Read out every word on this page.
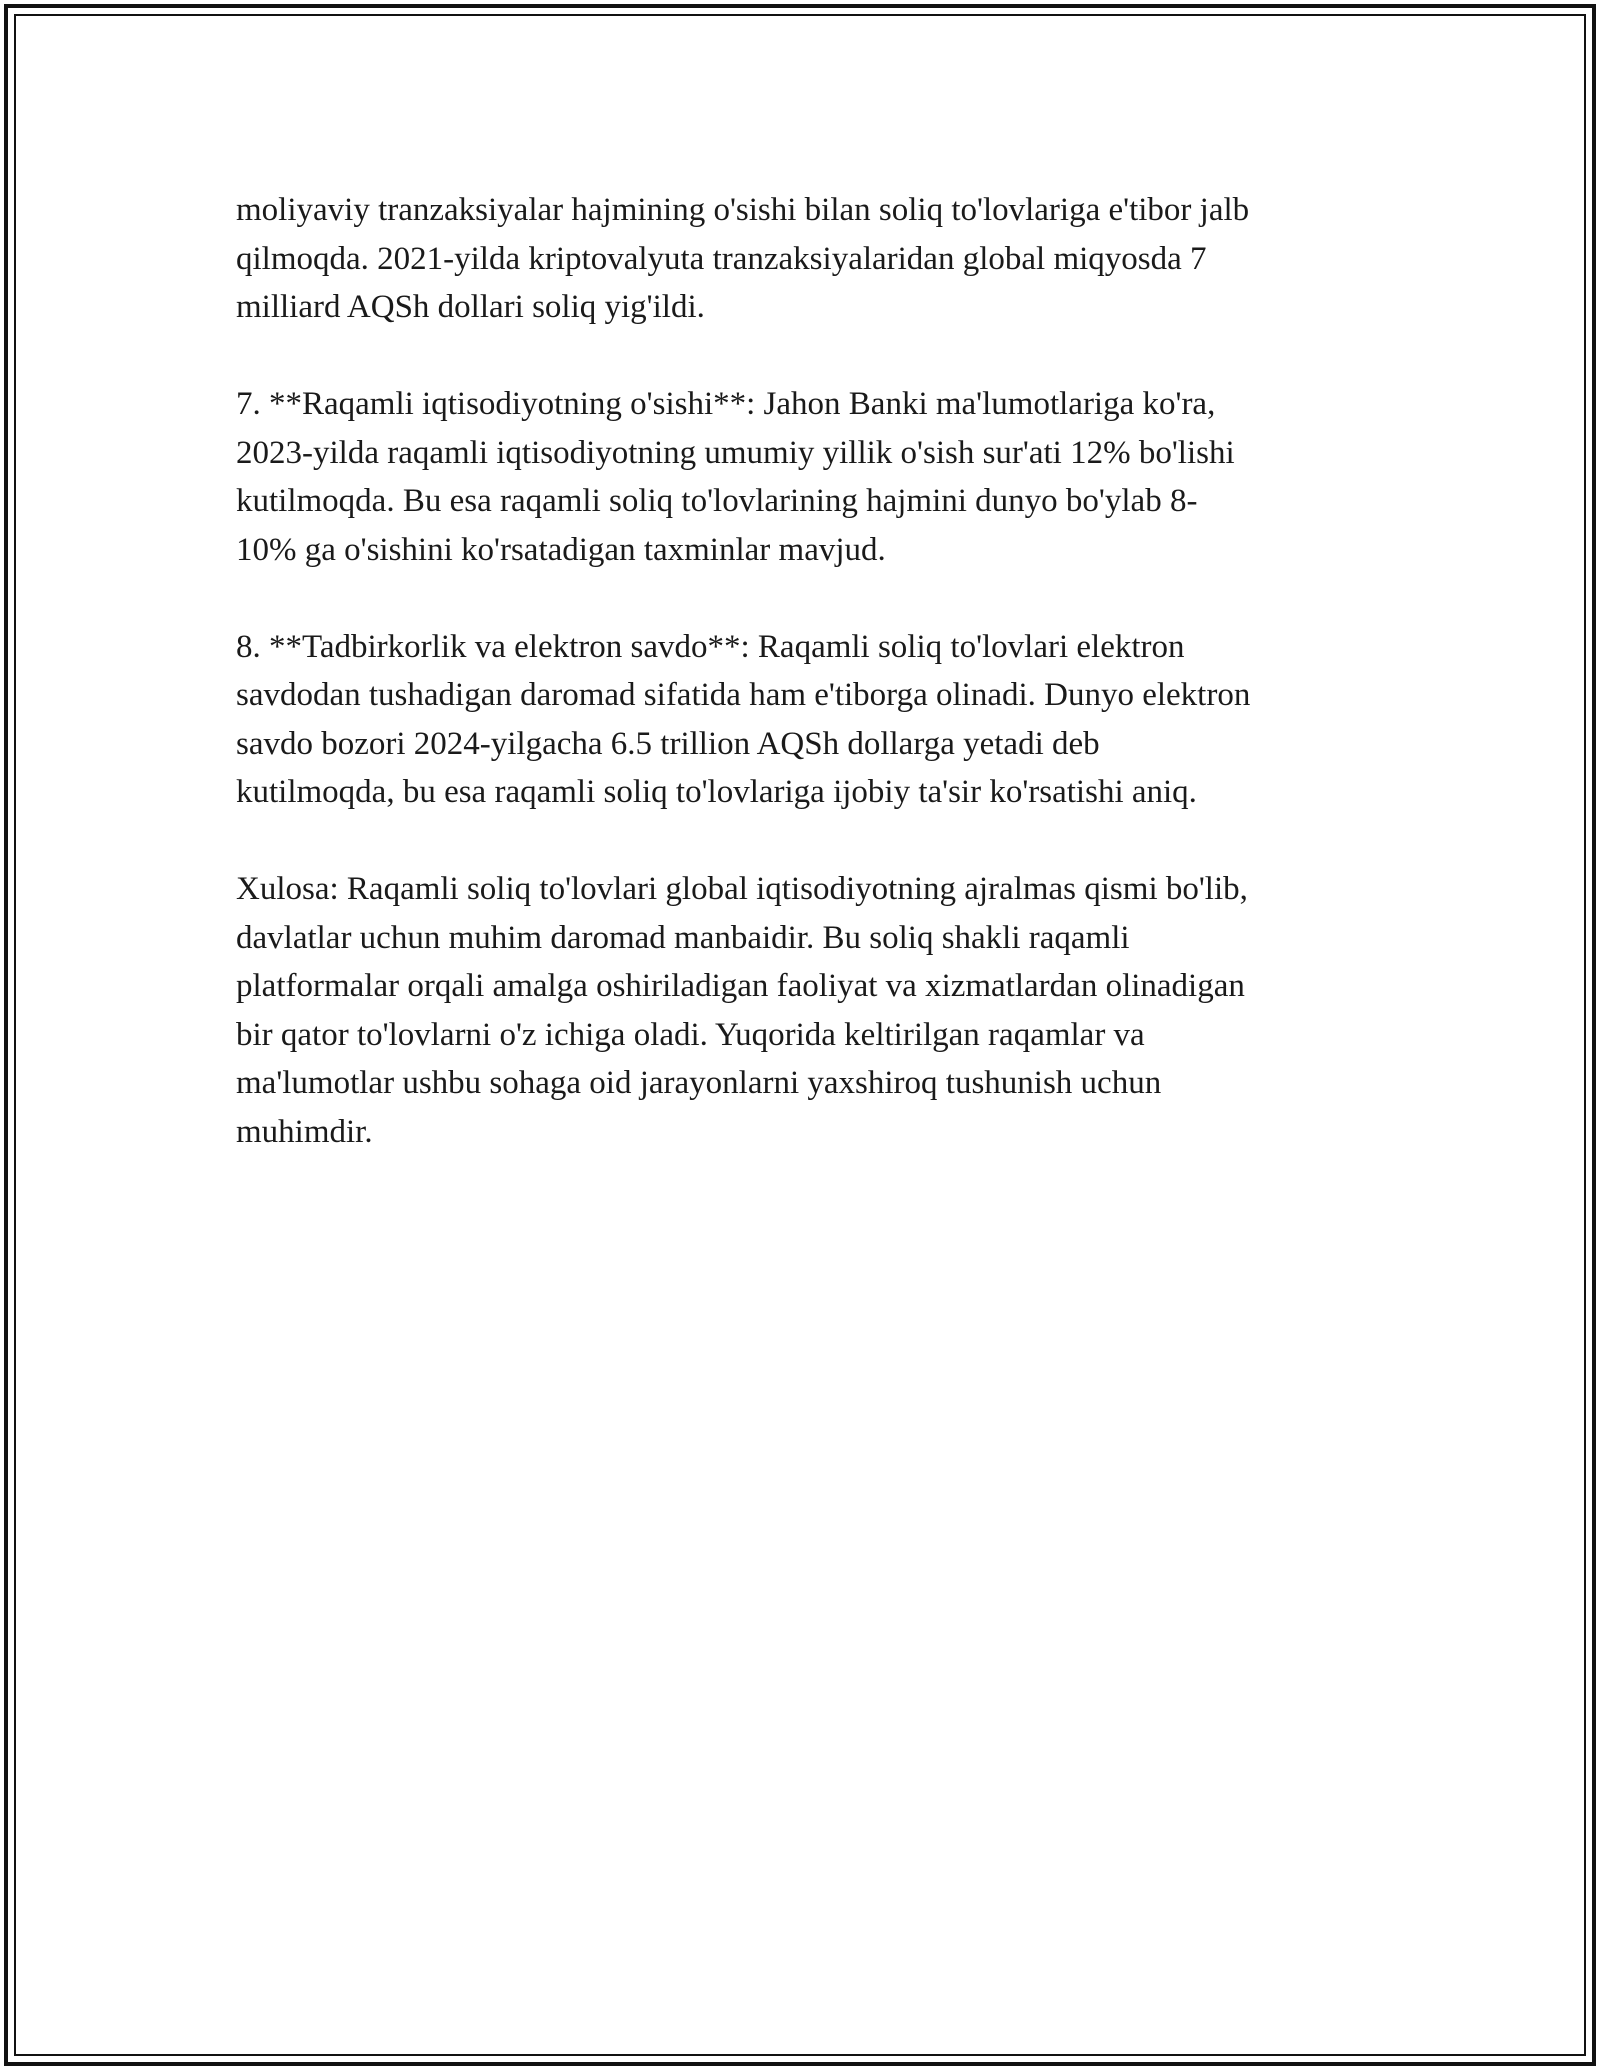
moliyaviy tranzaksiyalar hajmining o'sishi bilan soliq to'lovlariga e'tibor jalb
qilmoqda. 2021-yilda kriptovalyuta tranzaksiyalaridan global miqyosda 7
milliard AQSh dollari soliq yig'ildi.

7. **Raqamli iqtisodiyotning o'sishi**: Jahon Banki ma'lumotlariga ko'ra,
2023-yilda raqamli iqtisodiyotning umumiy yillik o'sish sur'ati 12% bo'lishi
kutilmoqda. Bu esa raqamli soliq to'lovlarining hajmini dunyo bo'ylab 8-
10% ga o'sishini ko'rsatadigan taxminlar mavjud.

8. **Tadbirkorlik va elektron savdo**: Raqamli soliq to'lovlari elektron
savdodan tushadigan daromad sifatida ham e'tiborga olinadi. Dunyo elektron
savdo bozori 2024-yilgacha 6.5 trillion AQSh dollarga yetadi deb
kutilmoqda, bu esa raqamli soliq to'lovlariga ijobiy ta'sir ko'rsatishi aniq.

Xulosa: Raqamli soliq to'lovlari global iqtisodiyotning ajralmas qismi bo'lib,
davlatlar uchun muhim daromad manbaidir. Bu soliq shakli raqamli
platformalar orqali amalga oshiriladigan faoliyat va xizmatlardan olinadigan
bir qator to'lovlarni o'z ichiga oladi. Yuqorida keltirilgan raqamlar va
ma'lumotlar ushbu sohaga oid jarayonlarni yaxshiroq tushunish uchun
muhimdir.
